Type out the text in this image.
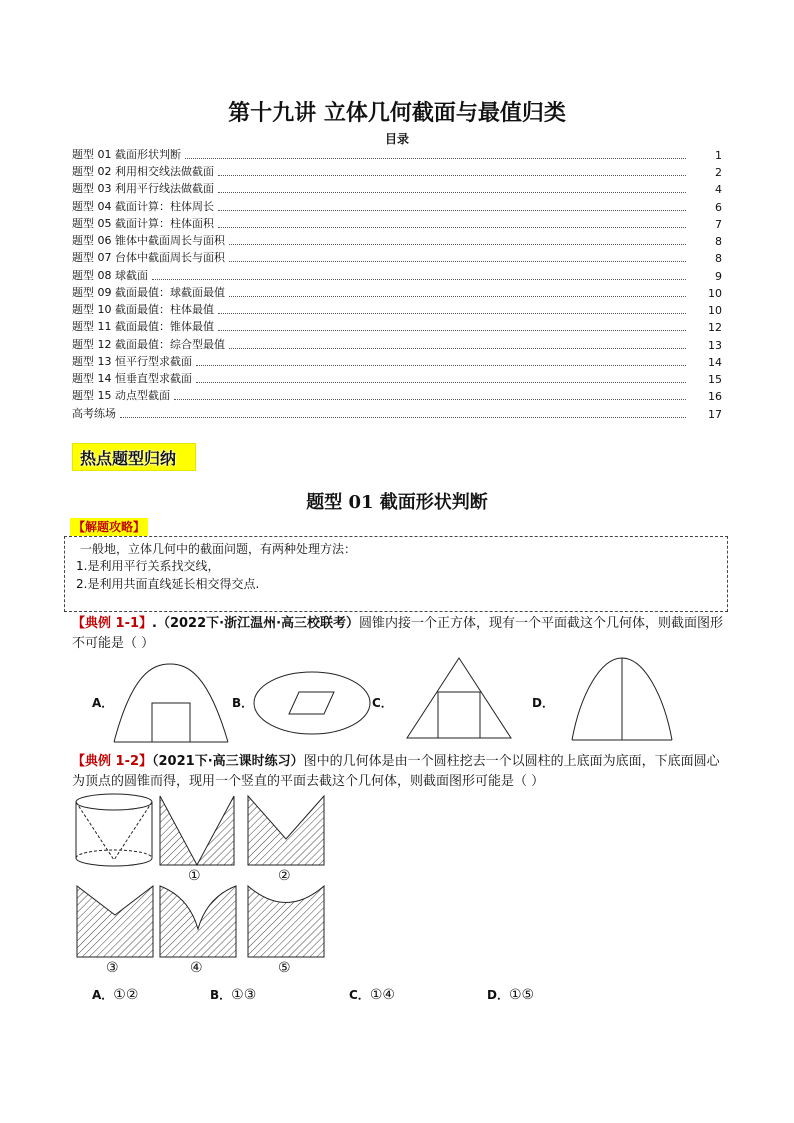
第十九讲 立体几何截面与最值归类
目录
题型 01 截面形状判断	1
题型 02 利用相交线法做截面	2
题型 03 利用平行线法做截面	4
题型 04 截面计算：柱体周长	6
题型 05 截面计算：柱体面积	7
题型 06 锥体中截面周长与面积	8
题型 07 台体中截面周长与面积	8
题型 08 球截面	9
题型 09 截面最值：球截面最值	10
题型 10 截面最值：柱体最值	10
题型 11 截面最值：锥体最值	12
题型 12 截面最值：综合型最值	13
题型 13 恒平行型求截面	14
题型 14 恒垂直型求截面	15
题型 15 动点型截面	16
高考练场	17
热点题型归纳
题型 01 截面形状判断
【解题攻略】
一般地，立体几何中的截面问题，有两种处理方法：
1.是利用平行关系找交线，
2.是利用共面直线延长相交得交点.
【典例 1-1】.（2022下·浙江温州·高三校联考）圆锥内接一个正方体，现有一个平面截这个几何体，则截面图形不可能是（ ）
A．	B．	C．	D．
【典例 1-2】（2021下·高三课时练习）图中的几何体是由一个圆柱挖去一个以圆柱的上底面为底面，下底面圆心为顶点的圆锥而得，现用一个竖直的平面去截这个几何体，则截面图形可能是（ ）
①	②
③	④	⑤
A．①②	B．①③	C．①④	D．①⑤
